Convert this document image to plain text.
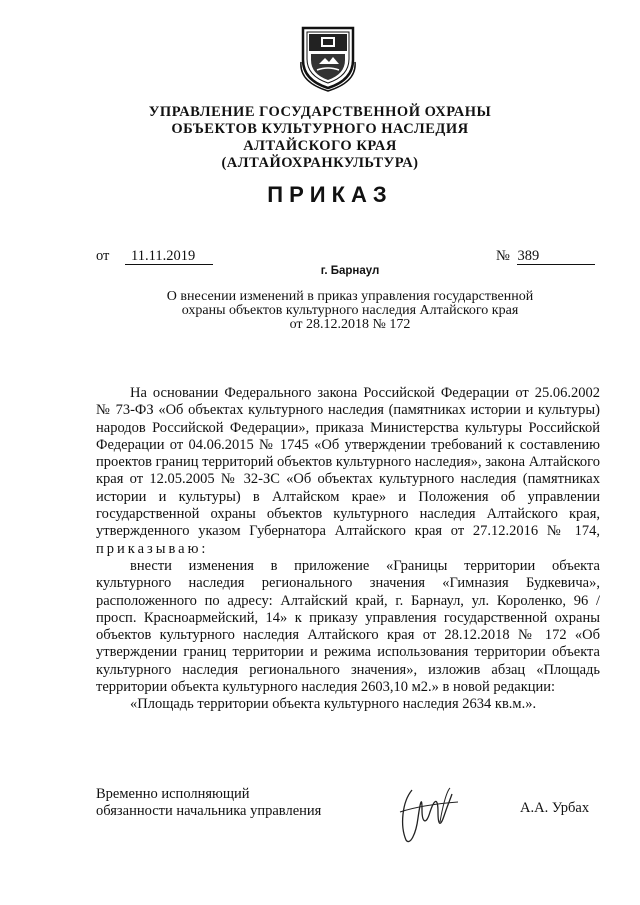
УПРАВЛЕНИЕ ГОСУДАРСТВЕННОЙ ОХРАНЫ
ОБЪЕКТОВ КУЛЬТУРНОГО НАСЛЕДИЯ
АЛТАЙСКОГО КРАЯ
(АЛТАЙОХРАНКУЛЬТУРА)
ПРИКАЗ
от 11.11.2019	№ 389
г. Барнаул
О внесении изменений в приказ управления государственной
охраны объектов культурного наследия Алтайского края
от 28.12.2018 № 172

На основании Федерального закона Российской Федерации от 25.06.2002 № 73-ФЗ «Об объектах культурного наследия (памятниках истории и культуры) народов Российской Федерации», приказа Министерства культуры Российской Федерации от 04.06.2015 № 1745 «Об утверждении требований к составлению проектов границ территорий объектов культурного наследия», закона Алтайского края от 12.05.2005 № 32-ЗС «Об объектах культурного наследия (памятниках истории и культуры) в Алтайском крае» и Положения об управлении государственной охраны объектов культурного наследия Алтайского края, утвержденного указом Губернатора Алтайского края от 27.12.2016 № 174, приказываю:

внести изменения в приложение «Границы территории объекта культурного наследия регионального значения «Гимназия Будкевича», расположенного по адресу: Алтайский край, г. Барнаул, ул. Короленко, 96 / просп. Красноармейский, 14» к приказу управления государственной охраны объектов культурного наследия Алтайского края от 28.12.2018 № 172 «Об утверждении границ территории и режима использования территории объекта культурного наследия регионального значения», изложив абзац «Площадь территории объекта культурного наследия 2603,10 м2.» в новой редакции:

«Площадь территории объекта культурного наследия 2634 кв.м.».

Временно исполняющий
обязанности начальника управления	А.А. Урбах
